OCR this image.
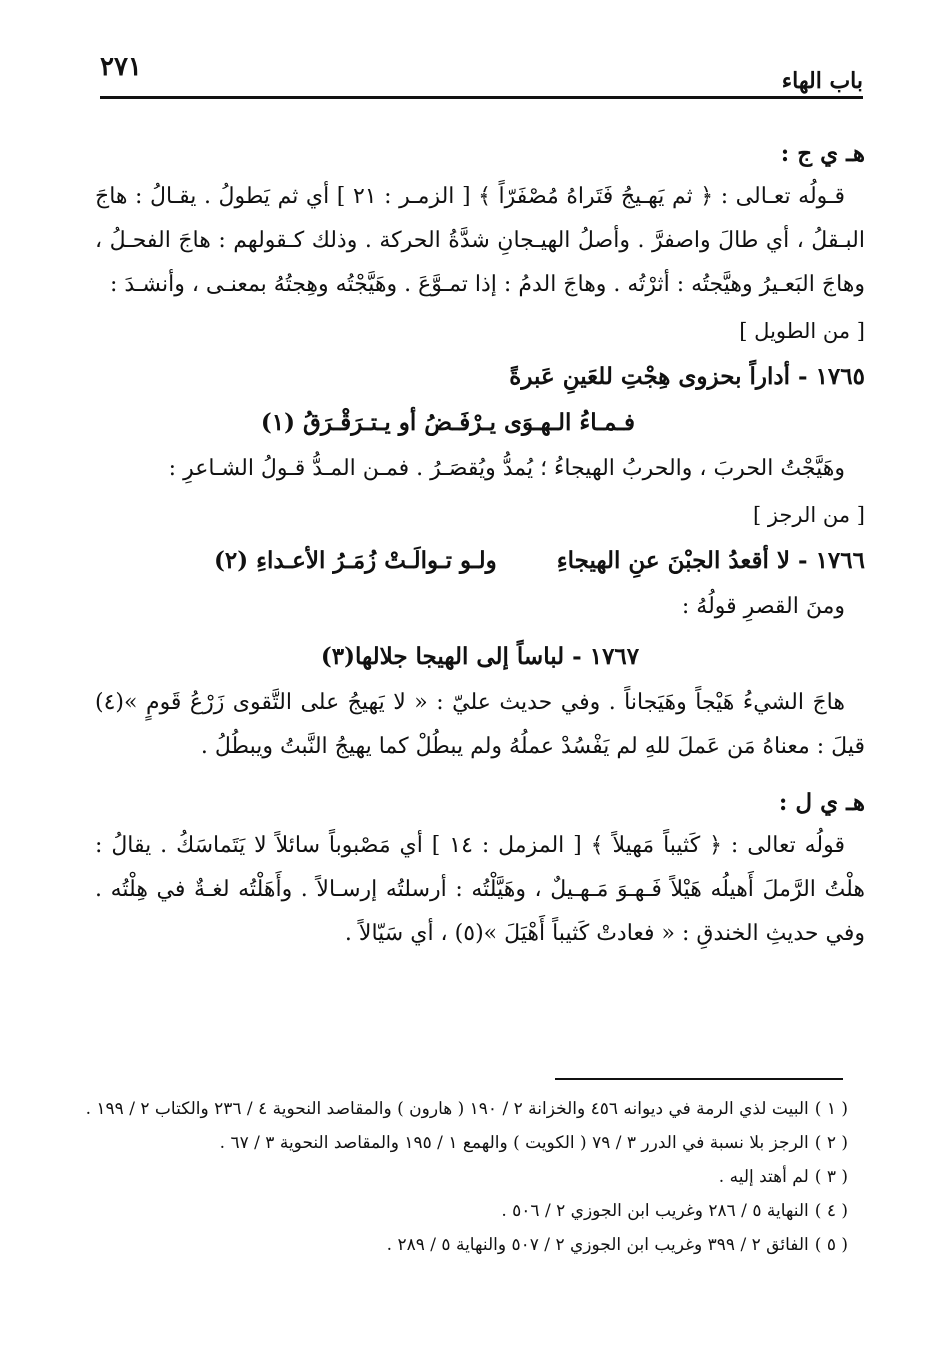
٢٧١	باب الهاء
هـ ي ج :

قـولُه تعـالى : ﴿ ثم يَهـيجُ فَتَراهُ مُصْفَرّاً ﴾ [ الزمـر : ٢١ ] أي ثم يَطولُ . يقـالُ : هاجَ البـقلُ ، أي طالَ واصفرَّ . وأصلُ الهيـجانِ شدَّةُ الحركة . وذلك كـقولهم : هاجَ الفحـلُ ، وهاجَ البَعـيرُ وهيَّجتُه : أثرْتُه . وهاجَ الدمُ : إذا تمـوَّعَ . وهَيَّجْتُه وهِجتُهُ بمعنـى ، وأنشـدَ :

[ من الطويل ]
١٧٦٥ - أداراً بحزوى هِجْتِ للعَينِ عَبرةً
فـمـاءُ الـهـوَى يـرْفَـضُ أو يـتـرَقْـرَقُ (١)

وهَيَّجْتُ الحربَ ، والحربُ الهيجاءُ ؛ يُمدُّ ويُقصَـرُ . فمـن المـدُّ قـولُ الشـاعرِ :

[ من الرجز ]
١٧٦٦ - لا أقعدُ الجبْنَ عنِ الهيجاءِ
ولـو تـوالَـتْ زُمَـرُ الأعـداءِ (٢)

ومنَ القصرِ قولُهُ :

١٧٦٧ - لباساً إلى الهيجا جلالها(٣)

هاجَ الشيءُ هَيْجاً وهَيَجاناً . وفي حديث عليّ : « لا يَهيجُ على التَّقوى زَرْعُ قَومٍ »(٤) قيلَ : معناهُ مَن عَملَ للهِ لم يَفْسُدْ عملُهُ ولم يبطُلْ كما يهيجُ النَّبتُ ويبطُلُ .

هـ ي ل :

قولُه تعالى : ﴿ كَثيباً مَهيلاً ﴾ [ المزمل : ١٤ ] أي مَصْبوباً سائلاً لا يَتَماسَكُ . يقالُ : هلْتُ الرَّملَ أَهيلُه هَيْلاً فَـهـوَ مَـهـيلٌ ، وهَيَّلْتُه : أرسلتُه إرسـالاً . وأَهَلْتُه لغـةٌ في هِلْتُه . وفي حديثِ الخندقِ : « فعادتْ كَثيباً أَهْيَلَ »(٥) ، أي سَيّالاً .

( ١ )البيت لذي الرمة في ديوانه ٤٥٦ والخزانة ٢ / ١٩٠ ( هارون ) والمقاصد النحوية ٤ / ٢٣٦ والكتاب ٢ / ١٩٩ .
( ٢ )الرجز بلا نسبة في الدرر ٣ / ٧٩ ( الكويت ) والهمع ١ / ١٩٥ والمقاصد النحوية ٣ / ٦٧ .
( ٣ )لم أهتد إليه .
( ٤ )النهاية ٥ / ٢٨٦ وغريب ابن الجوزي ٢ / ٥٠٦ .
( ٥ )الفائق ٢ / ٣٩٩ وغريب ابن الجوزي ٢ / ٥٠٧ والنهاية ٥ / ٢٨٩ .
